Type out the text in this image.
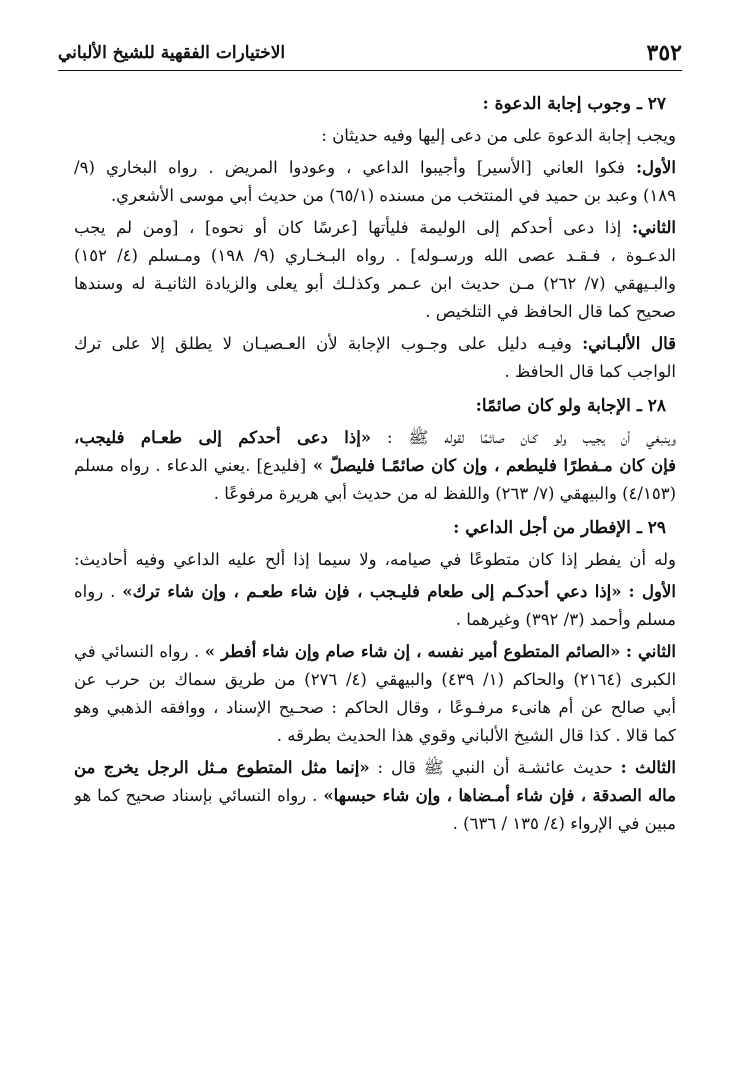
٣٥٢
الاختيارات الفقهية للشيخ الألباني
٢٧ ـ وجوب إجابة الدعوة :
ويجب إجابة الدعوة على من دعى إليها وفيه حديثان :
الأول: فكوا العاني [الأسير] وأجيبوا الداعي ، وعودوا المريض . رواه البخاري (٩/
١٨٩) وعبد بن حميد في المنتخب من مسنده (٦٥/١) من حديث أبي موسى الأشعري.
الثاني: إذا دعى أحدكم إلى الوليمة فليأتها [عرسًا كان أو نحوه] ، [ومن لم يجب
الدعـوة ، فـقـد عصى الله ورسـوله] . رواه البـخـاري (٩/ ١٩٨) ومـسلم (٤/ ١٥٢)
والبـيهقي (٧/ ٢٦٢) مـن حديث ابن عـمر وكذلـك أبو يعلى والزيادة الثانيـة له وسندها
صحيح كما قال الحافظ في التلخيص .
قال الألبـاني: وفيـه دليل على وجـوب الإجابة لأن العـصيـان لا يطلق إلا على ترك
الواجب كما قال الحافظ .
٢٨ ـ الإجابة ولو كان صائمًا:
وينبغي أن يجيب ولو كـان صائمًا لقوله ﷺ : «إذا دعى أحدكم إلى طعـام فليجب،
فإن كان مـفطرًا فليطعم ، وإن كان صائمًـا فليصلّ » [فليدع] .يعني الدعاء . رواه مسلم
(٤/١٥٣) والبيهقي (٧/ ٢٦٣) واللفظ له من حديث أبي هريرة مرفوعًا .
٢٩ ـ الإفطار من أجل الداعي :
وله أن يفطر إذا كان متطوعًا في صيامه، ولا سيما إذا ألح عليه الداعي وفيه أحاديث:
الأول : «إذا دعي أحدكـم إلى طعام فليـجب ، فإن شاء طعـم ، وإن شاء ترك» . رواه
مسلم وأحمد (٣/ ٣٩٢) وغيرهما .
الثاني : «الصائم المتطوع أمير نفسه ، إن شاء صام وإن شاء أفطر » . رواه النسائي في
الكبرى (٢١٦٤) والحاكم (١/ ٤٣٩) والبيهقي (٤/ ٢٧٦) من طريق سماك بن حرب عن
أبي صالح عن أم هانىء مرفـوعًا ، وقال الحاكم : صحـيح الإسناد ، ووافقه الذهبي وهو
كما قالا . كذا قال الشيخ الألباني وقوي هذا الحديث بطرقه .
الثالث : حديث عائشـة أن النبي ﷺ قال : «إنما مثل المتطوع مـثل الرجل يخرج من
ماله الصدقة ، فإن شاء أمـضاها ، وإن شاء حبسها» . رواه النسائي بإسناد صحيح كما هو
مبين في الإرواء (٤/ ١٣٥ / ٦٣٦) .
